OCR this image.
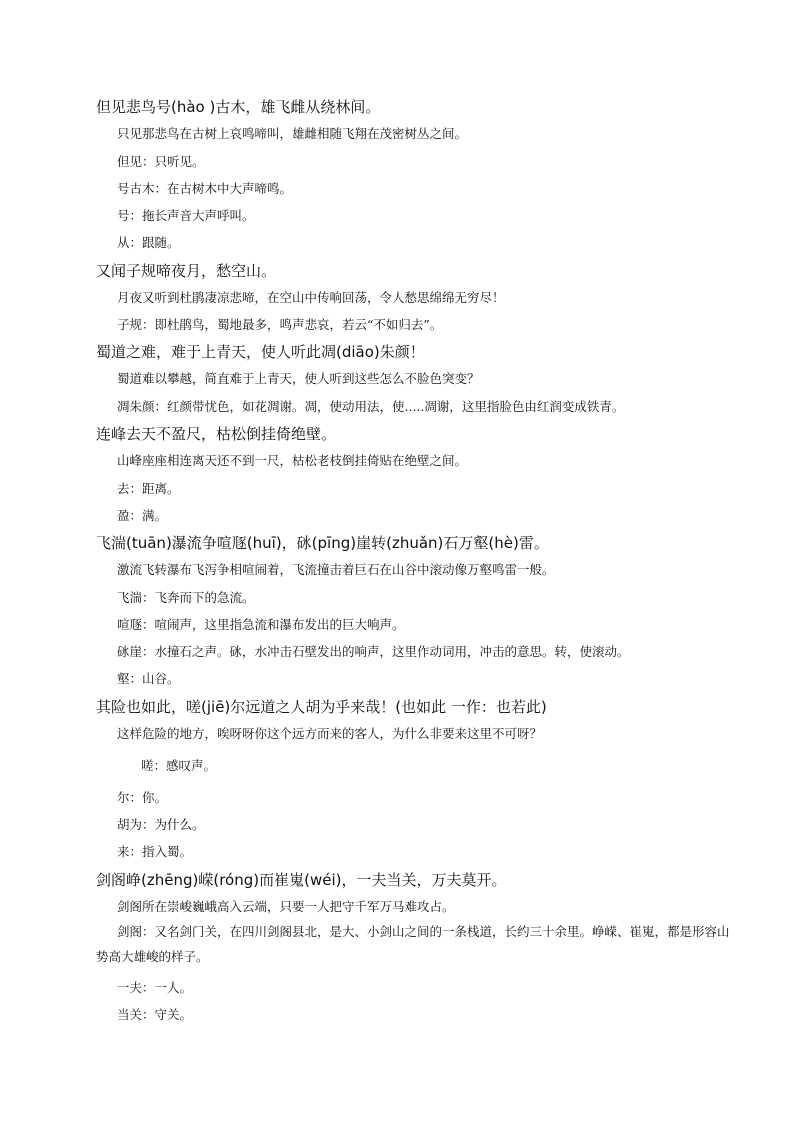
但见悲鸟号(hào )古木，雄飞雌从绕林间。
只见那悲鸟在古树上哀鸣啼叫，雄雌相随飞翔在茂密树丛之间。
但见：只听见。
号古木：在古树木中大声啼鸣。
号：拖长声音大声呼叫。
从：跟随。
又闻子规啼夜月，愁空山。
月夜又听到杜鹃凄凉悲啼，在空山中传响回荡，令人愁思绵绵无穷尽！
子规：即杜鹃鸟，蜀地最多，鸣声悲哀，若云“不如归去”。
蜀道之难，难于上青天，使人听此凋(diāo)朱颜！
蜀道难以攀越，简直难于上青天，使人听到这些怎么不脸色突变？
凋朱颜：红颜带忧色，如花凋谢。凋，使动用法，使.....凋谢，这里指脸色由红润变成铁青。
连峰去天不盈尺，枯松倒挂倚绝壁。
山峰座座相连离天还不到一尺，枯松老枝倒挂倚贴在绝壁之间。
去：距离。
盈：满。
飞湍(tuān)瀑流争喧豗(huī)，砯(pīng)崖转(zhuǎn)石万壑(hè)雷。
激流飞转瀑布飞泻争相喧闹着，飞流撞击着巨石在山谷中滚动像万壑鸣雷一般。
飞湍：飞奔而下的急流。
喧豗：喧闹声，这里指急流和瀑布发出的巨大响声。
砯崖：水撞石之声。砯，水冲击石壁发出的响声，这里作动词用，冲击的意思。转，使滚动。
壑：山谷。
其险也如此，嗟(jiē)尔远道之人胡为乎来哉！(也如此 一作：也若此)
这样危险的地方，唉呀呀你这个远方而来的客人，为什么非要来这里不可呀？
嗟：感叹声。
尔：你。
胡为：为什么。
来：指入蜀。
剑阁峥(zhēng)嵘(róng)而崔嵬(wéi)，一夫当关，万夫莫开。
剑阁所在崇峻巍峨高入云端，只要一人把守千军万马难攻占。
剑阁：又名剑门关，在四川剑阁县北，是大、小剑山之间的一条栈道，长约三十余里。峥嵘、崔嵬，都是形容山势高大雄峻的样子。
一夫：一人。
当关：守关。
